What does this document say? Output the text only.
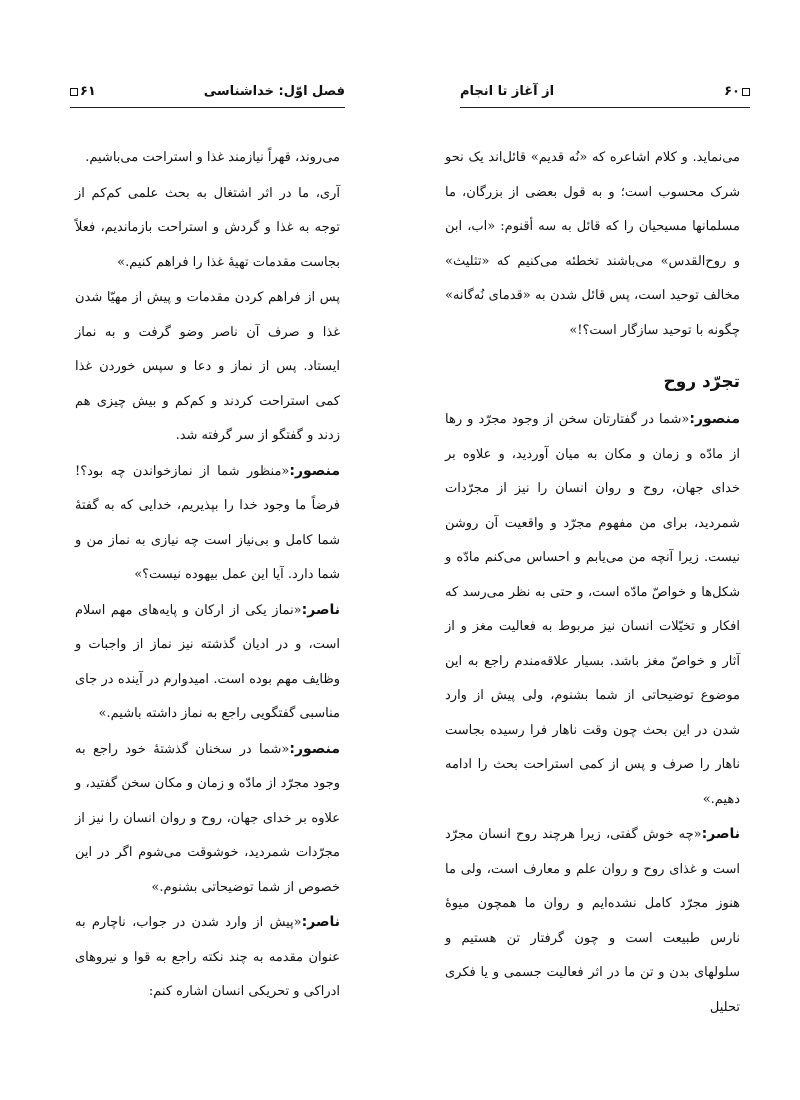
۶۰
از آغاز تا انجام

می‌نماید. و کلام اشاعره که «نُه قدیم» قائل‌اند یک نحو شرک محسوب است؛ و به قول بعضی از بزرگان، ما مسلمانها مسیحیان را که قائل به سه أقنوم: «اب، ابن و روح‌القدس» می‌باشند تخطئه می‌کنیم که «تثلیث» مخالف توحید است، پس قائل شدن به «قدمای نُه‌گانه» چگونه با توحید سازگار است؟!»

تجرّد روح

منصور:«شما در گفتارتان سخن از وجود مجرّد و رها از مادّه و زمان و مکان به میان آوردید، و علاوه بر خدای جهان، روح و روان انسان را نیز از مجرّدات شمردید، برای من مفهوم مجرّد و واقعیت آن روشن نیست. زیرا آنچه من می‌یابم و احساس می‌کنم مادّه و شکل‌ها و خواصّ مادّه است، و حتی به نظر می‌رسد که افکار و تخیّلات انسان نیز مربوط به فعالیت مغز و از آثار و خواصّ مغز باشد. بسیار علاقه‌مندم راجع به این موضوع توضیحاتی از شما بشنوم، ولی پیش از وارد شدن در این بحث چون وقت ناهار فرا رسیده بجاست ناهار را صرف و پس از کمی استراحت بحث را ادامه دهیم.»

ناصر:«چه خوش گفتی، زیرا هرچند روح انسان مجرّد است و غذای روح و روان علم و معارف است، ولی ما هنوز مجرّد کامل نشده‌ایم و روان ما همچون میوهٔ نارس طبیعت است و چون گرفتار تن هستیم و سلولهای بدن و تن ما در اثر فعالیت جسمی و یا فکری تحلیل

۶۱	فصل اوّل: خداشناسی

می‌روند، قهراً نیازمند غذا و استراحت می‌باشیم.

آری، ما در اثر اشتغال به بحث علمی کم‌کم از توجه به غذا و گردش و استراحت بازماندیم، فعلاً بجاست مقدمات تهیهٔ غذا را فراهم کنیم.»

پس از فراهم کردن مقدمات و پیش از مهیّا شدن غذا و صرف آن ناصر وضو گرفت و به نماز ایستاد. پس از نماز و دعا و سپس خوردن غذا کمی استراحت کردند و کم‌کم و بیش چیزی هم زدند و گفتگو از سر گرفته شد.

منصور:«منظور شما از نمازخواندن چه بود؟! فرضاً ما وجود خدا را بپذیریم، خدایی که به گفتهٔ شما کامل و بی‌نیاز است چه نیازی به نماز من و شما دارد. آیا این عمل بیهوده نیست؟»

ناصر:«نماز یکی از ارکان و پایه‌های مهم اسلام است، و در ادیان گذشته نیز نماز از واجبات و وظایف مهم بوده است. امیدوارم در آینده در جای مناسبی گفتگویی راجع به نماز داشته باشیم.»

منصور:«شما در سخنان گذشتهٔ خود راجع به وجود مجرّد از مادّه و زمان و مکان سخن گفتید، و علاوه بر خدای جهان، روح و روان انسان را نیز از مجرّدات شمردید، خوشوقت می‌شوم اگر در این خصوص از شما توضیحاتی بشنوم.»

ناصر:«پیش از وارد شدن در جواب، ناچارم به عنوان مقدمه به چند نکته راجع به قوا و نیروهای ادراکی و تحریکی انسان اشاره کنم:
